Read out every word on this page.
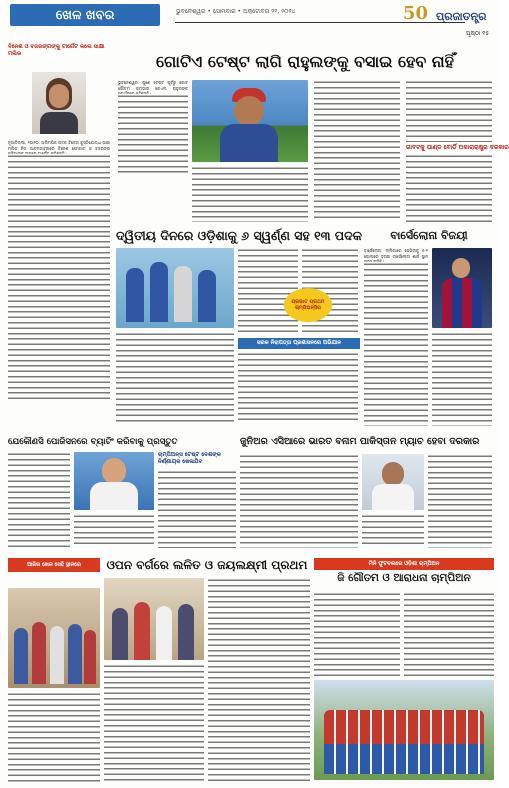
ଖେଳ ଖବର	ଭୁବନେଶ୍ୱର • ସୋମବାର • ଅକ୍ଟୋବର ୨୧, ୨୦୨୪	50 ପ୍ରଜାତନ୍ତ୍ର
ପୃଷ୍ଠା ୧୫
ବିନେଶ ଓ ବଜରଙ୍ଗଙ୍କୁ ଟାର୍ଗେଟ କଲେ ସାକ୍ଷୀ ମଲିକ
ନୂଆଦିଲ୍ଲୀ, ୨୦ା୧୦: ଅଲିମ୍ପିକ ପଦକ ବିଜେତା କୁସ୍ତିଯୋଦ୍ଧା ସାକ୍ଷୀ ମଲିକ ନିଜ ଆତ୍ମଜୀବନୀରେ ବିନେଶ ଫୋଗାଟ ଓ ବଜରଙ୍ଗ
ଗୋଟିଏ ଟେଷ୍ଟ ଲାଗି ରାହୁଲଙ୍କୁ ବସାଇ ହେବ ନାହିଁ
ଭୁବନେଶ୍ୱର: ପୁଣେ ଟେଷ୍ଟ ପୂର୍ବରୁ କୋଚ ଗୌତମ ଗମ୍ଭୀର କେଏଲ ରାହୁଲଙ୍କ
ଗାବଟକୁ ପାଣ୍ଡ ବୋର୍ଡି ଅକାରାରାଷ୍ଟ୍ର ଦରକାର
ଦ୍ୱିତୀୟ ଦିନରେ ଓଡ଼ିଶାକୁ ୬ ସ୍ୱର୍ଣ୍ଣ ସହ ୧୩ ପଦକ
ପ୍ରଭାତ ପ୍ରଥମ ଚାମ୍ପିଅନ୍ସିପ
ସରକ ନିରାପତ୍ତା ପ୍ରଶାସନରେ ଅଭିଯାନ
ବାର୍ସେଲୋନା ବିଜୟୀ
ବାର୍ସେଲୋନା: ଲାଲିଗାରେ ସେଭିଲାକୁ ୫-୧ ଗୋଲରେ ହରାଇ ବାର୍ସେଲୋନା ଶୀର୍ଷ ସ୍ଥାନ
ଯେକୌଣସି ପୋଜିସନରେ ବ୍ୟାଟିଂ କରିବାକୁ ପ୍ରସ୍ତୁତ
ଚାମ୍ପିଅନ୍ସ ଟେଷ୍ଟ ଦେଶଙ୍କ ନିର୍ଣ୍ଣାୟକ ଖେଳାଯିବ
ଜୁନିଅର ଏସିଆରେ ଭାରତ ବନାମ ପାକିସ୍ତାନ ମ୍ୟାଚ ହେବା ଦରକାର
ଆଜିର ଖେଳ ସେହି ସ୍ଥାନରେ	ଓପନ ବର୍ଗରେ ଲଳିତ ଓ ଜୟଲକ୍ଷ୍ମୀ ପ୍ରଥମ	ମିନି ଫୁଟବଲରେ ଓଡ଼ିଶା ଚାମ୍ପିଅନ
ଜି ଗୌତମ ଓ ଆରାଧନା ଚାମ୍ପିଅନ
